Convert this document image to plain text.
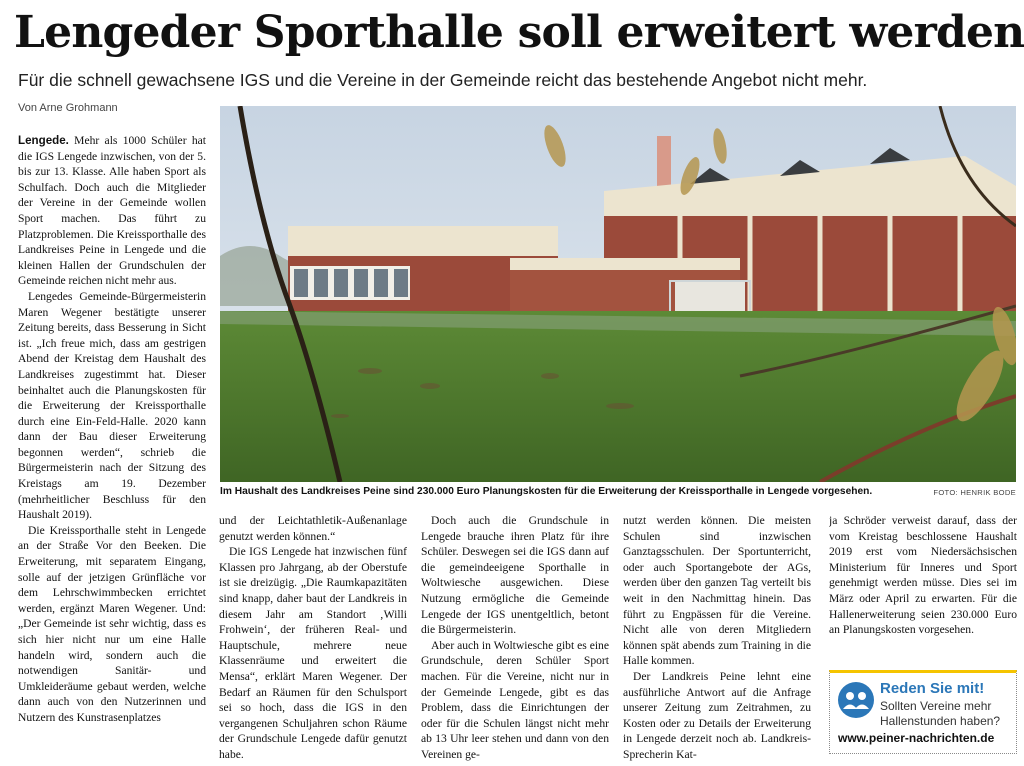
Lengeder Sporthalle soll erweitert werden

Für die schnell gewachsene IGS und die Vereine in der Gemeinde reicht das bestehende Angebot nicht mehr.

Von Arne Grohmann

Lengede. Mehr als 1000 Schüler hat die IGS Lengede inzwischen, von der 5. bis zur 13. Klasse. Alle haben Sport als Schulfach. Doch auch die Mitglieder der Vereine in der Gemeinde wollen Sport machen. Das führt zu Platzproblemen. Die Kreissporthalle des Landkreises Peine in Lengede und die kleinen Hallen der Grundschulen der Gemeinde reichen nicht mehr aus.

Lengedes Gemeinde-Bürgermeisterin Maren Wegener bestätigte unserer Zeitung bereits, dass Besserung in Sicht ist. „Ich freue mich, dass am gestrigen Abend der Kreistag dem Haushalt des Landkreises zugestimmt hat. Dieser beinhaltet auch die Planungskosten für die Erweiterung der Kreissporthalle durch eine Ein-Feld-Halle. 2020 kann dann der Bau dieser Erweiterung begonnen werden“, schrieb die Bürgermeisterin nach der Sitzung des Kreistags am 19. Dezember (mehrheitlicher Beschluss für den Haushalt 2019).

Die Kreissporthalle steht in Lengede an der Straße Vor den Beeken. Die Erweiterung, mit separatem Eingang, solle auf der jetzigen Grünfläche vor dem Lehrschwimmbecken errichtet werden, ergänzt Maren Wegener. Und: „Der Gemeinde ist sehr wichtig, dass es sich hier nicht nur um eine Halle handeln wird, sondern auch die notwendigen Sanitär- und Umkleideräume gebaut werden, welche dann auch von den Nutzerinnen und Nutzern des Kunstrasenplatzes

Im Haushalt des Landkreises Peine sind 230.000 Euro Planungskosten für die Erweiterung der Kreissporthalle in Lengede vorgesehen.	FOTO: HENRIK BODE

und der Leichtathletik-Außenanlage genutzt werden können.“

Die IGS Lengede hat inzwischen fünf Klassen pro Jahrgang, ab der Oberstufe ist sie dreizügig. „Die Raumkapazitäten sind knapp, daher baut der Landkreis in diesem Jahr am Standort ‚Willi Frohwein‘, der früheren Real- und Hauptschule, mehrere neue Klassenräume und erweitert die Mensa“, erklärt Maren Wegener. Der Bedarf an Räumen für den Schulsport sei so hoch, dass die IGS in den vergangenen Schuljahren schon Räume der Grundschule Lengede dafür genutzt habe.

Doch auch die Grundschule in Lengede brauche ihren Platz für ihre Schüler. Deswegen sei die IGS dann auf die gemeindeeigene Sporthalle in Woltwiesche ausgewichen. Diese Nutzung ermögliche die Gemeinde Lengede der IGS unentgeltlich, betont die Bürgermeisterin.

Aber auch in Woltwiesche gibt es eine Grundschule, deren Schüler Sport machen. Für die Vereine, nicht nur in der Gemeinde Lengede, gibt es das Problem, dass die Einrichtungen der oder für die Schulen längst nicht mehr ab 13 Uhr leer stehen und dann von den Vereinen ge-

nutzt werden können. Die meisten Schulen sind inzwischen Ganztagsschulen. Der Sportunterricht, oder auch Sportangebote der AGs, werden über den ganzen Tag verteilt bis weit in den Nachmittag hinein. Das führt zu Engpässen für die Vereine. Nicht alle von deren Mitgliedern können spät abends zum Training in die Halle kommen.

Der Landkreis Peine lehnt eine ausführliche Antwort auf die Anfrage unserer Zeitung zum Zeitrahmen, zu Kosten oder zu Details der Erweiterung in Lengede derzeit noch ab. Landkreis-Sprecherin Kat-

ja Schröder verweist darauf, dass der vom Kreistag beschlossene Haushalt 2019 erst vom Niedersächsischen Ministerium für Inneres und Sport genehmigt werden müsse. Dies sei im März oder April zu erwarten. Für die Hallenerweiterung seien 230.000 Euro an Planungskosten vorgesehen.

Reden Sie mit!
Sollten Vereine mehr
Hallenstunden haben?
www.peiner-nachrichten.de
